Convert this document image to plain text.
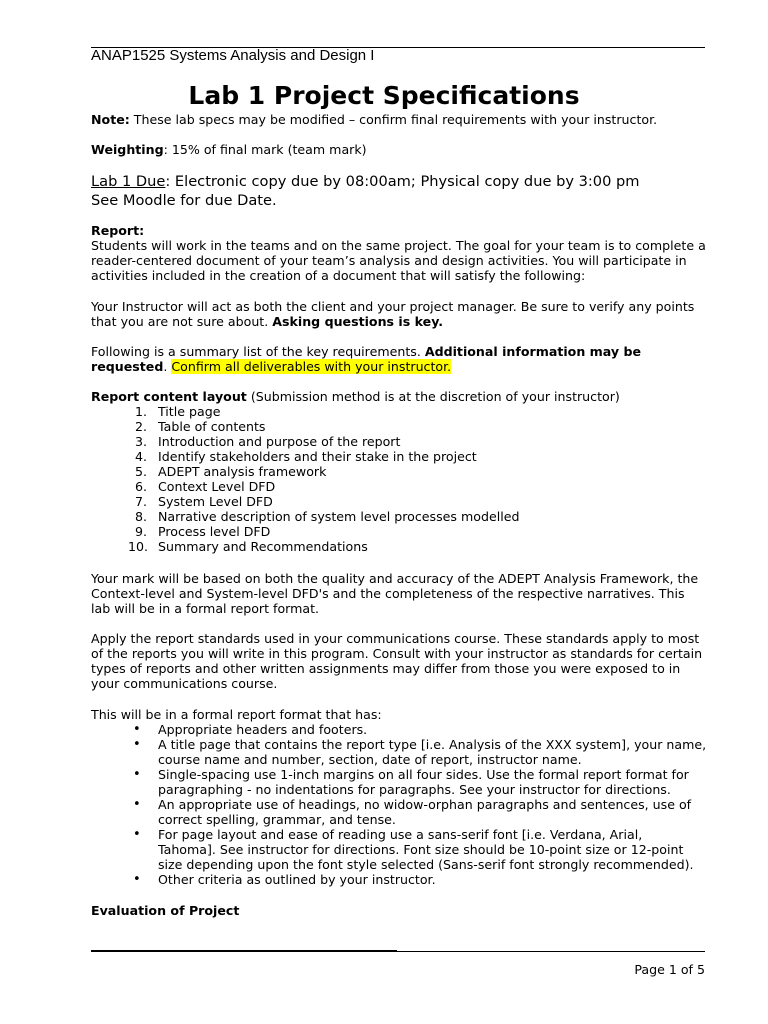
ANAP1525 Systems Analysis and Design I
Lab 1 Project Specifications
Note: These lab specs may be modified – confirm final requirements with your instructor.
Weighting: 15% of final mark (team mark)
Lab 1 Due: Electronic copy due by 08:00am; Physical copy due by 3:00 pm
See Moodle for due Date.
Report:
Students will work in the teams and on the same project. The goal for your team is to complete a
reader-centered document of your team’s analysis and design activities. You will participate in
activities included in the creation of a document that will satisfy the following:
Your Instructor will act as both the client and your project manager. Be sure to verify any points
that you are not sure about. Asking questions is key.
Following is a summary list of the key requirements. Additional information may be
requested. Confirm all deliverables with your instructor.
Report content layout (Submission method is at the discretion of your instructor)
1. Title page
2. Table of contents
3. Introduction and purpose of the report
4. Identify stakeholders and their stake in the project
5. ADEPT analysis framework
6. Context Level DFD
7. System Level DFD
8. Narrative description of system level processes modelled
9. Process level DFD
10. Summary and Recommendations
Your mark will be based on both the quality and accuracy of the ADEPT Analysis Framework, the
Context-level and System-level DFD's and the completeness of the respective narratives. This
lab will be in a formal report format.
Apply the report standards used in your communications course. These standards apply to most
of the reports you will write in this program. Consult with your instructor as standards for certain
types of reports and other written assignments may differ from those you were exposed to in
your communications course.
This will be in a formal report format that has:
• Appropriate headers and footers.
• A title page that contains the report type [i.e. Analysis of the XXX system], your name,
course name and number, section, date of report, instructor name.
• Single-spacing use 1-inch margins on all four sides. Use the formal report format for
paragraphing - no indentations for paragraphs. See your instructor for directions.
• An appropriate use of headings, no widow-orphan paragraphs and sentences, use of
correct spelling, grammar, and tense.
• For page layout and ease of reading use a sans-serif font [i.e. Verdana, Arial,
Tahoma]. See instructor for directions. Font size should be 10-point size or 12-point
size depending upon the font style selected (Sans-serif font strongly recommended).
• Other criteria as outlined by your instructor.
Evaluation of Project
Page 1 of 5
